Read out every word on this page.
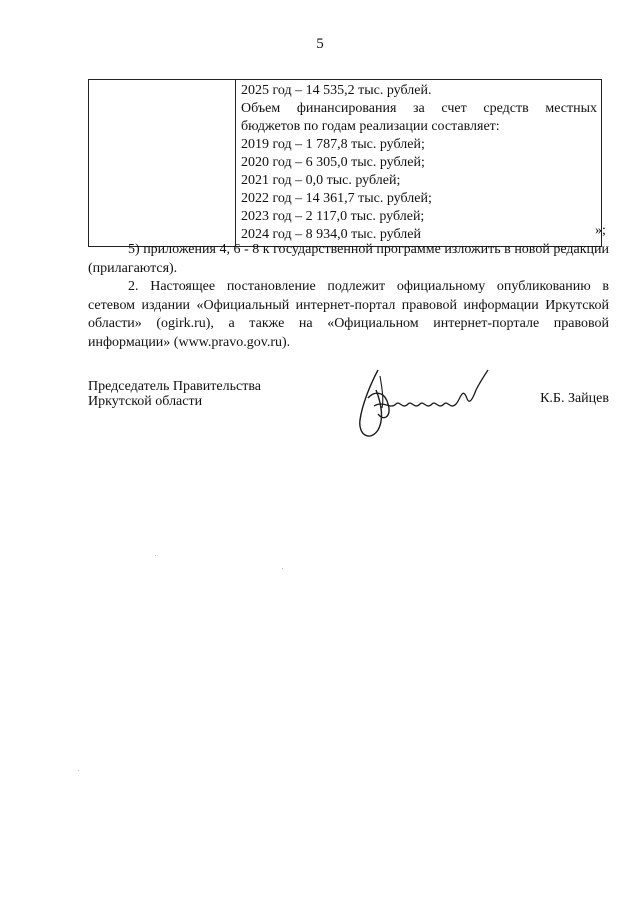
5

2025 год – 14 535,2 тыс. рублей.
Объем финансирования за счет средств местных
бюджетов по годам реализации составляет:
2019 год – 1 787,8 тыс. рублей;
2020 год – 6 305,0 тыс. рублей;
2021 год – 0,0 тыс. рублей;
2022 год – 14 361,7 тыс. рублей;
2023 год – 2 117,0 тыс. рублей;
2024 год – 8 934,0 тыс. рублей	»;
5) приложения 4, 6 - 8 к государственной программе изложить в новой редакции (прилагаются).
2. Настоящее постановление подлежит официальному опубликованию в сетевом издании «Официальный интернет-портал правовой информации Иркутской области» (ogirk.ru), а также на «Официальном интернет-портале правовой информации» (www.pravo.gov.ru).
Председатель Правительства
Иркутской области	К.Б. Зайцев
